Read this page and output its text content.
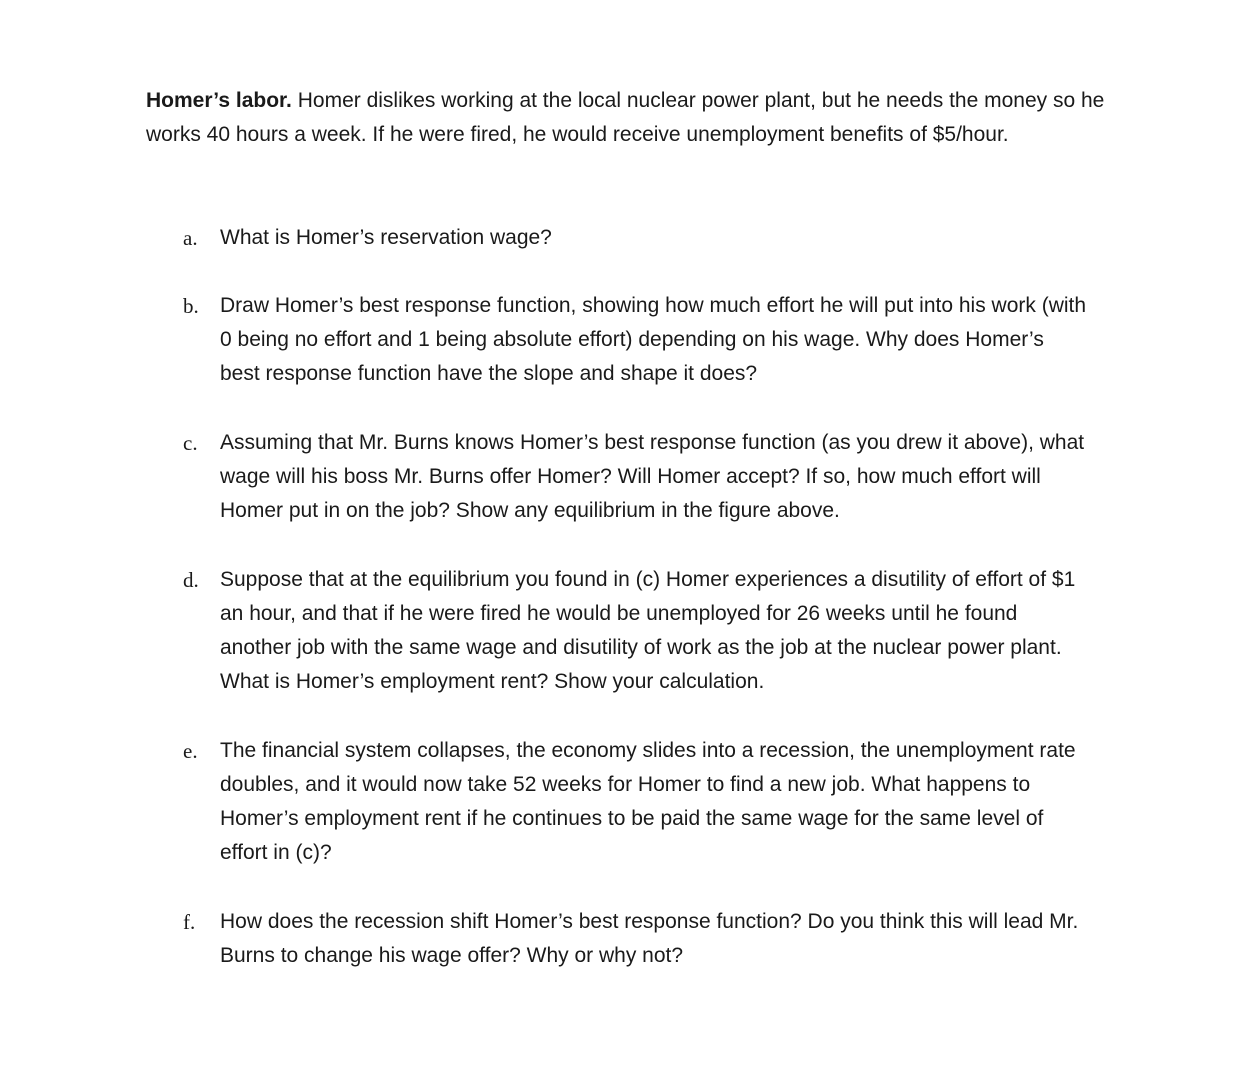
Homer’s labor. Homer dislikes working at the local nuclear power plant, but he needs the money so he works 40 hours a week. If he were fired, he would receive unemployment benefits of $5/hour.

a. What is Homer’s reservation wage?
b. Draw Homer’s best response function, showing how much effort he will put into his work (with 0 being no effort and 1 being absolute effort) depending on his wage. Why does Homer’s best response function have the slope and shape it does?
c. Assuming that Mr. Burns knows Homer’s best response function (as you drew it above), what wage will his boss Mr. Burns offer Homer? Will Homer accept? If so, how much effort will Homer put in on the job? Show any equilibrium in the figure above.
d. Suppose that at the equilibrium you found in (c) Homer experiences a disutility of effort of $1 an hour, and that if he were fired he would be unemployed for 26 weeks until he found another job with the same wage and disutility of work as the job at the nuclear power plant. What is Homer’s employment rent? Show your calculation.
e. The financial system collapses, the economy slides into a recession, the unemployment rate doubles, and it would now take 52 weeks for Homer to find a new job. What happens to Homer’s employment rent if he continues to be paid the same wage for the same level of effort in (c)?
f. How does the recession shift Homer’s best response function? Do you think this will lead Mr. Burns to change his wage offer? Why or why not?
